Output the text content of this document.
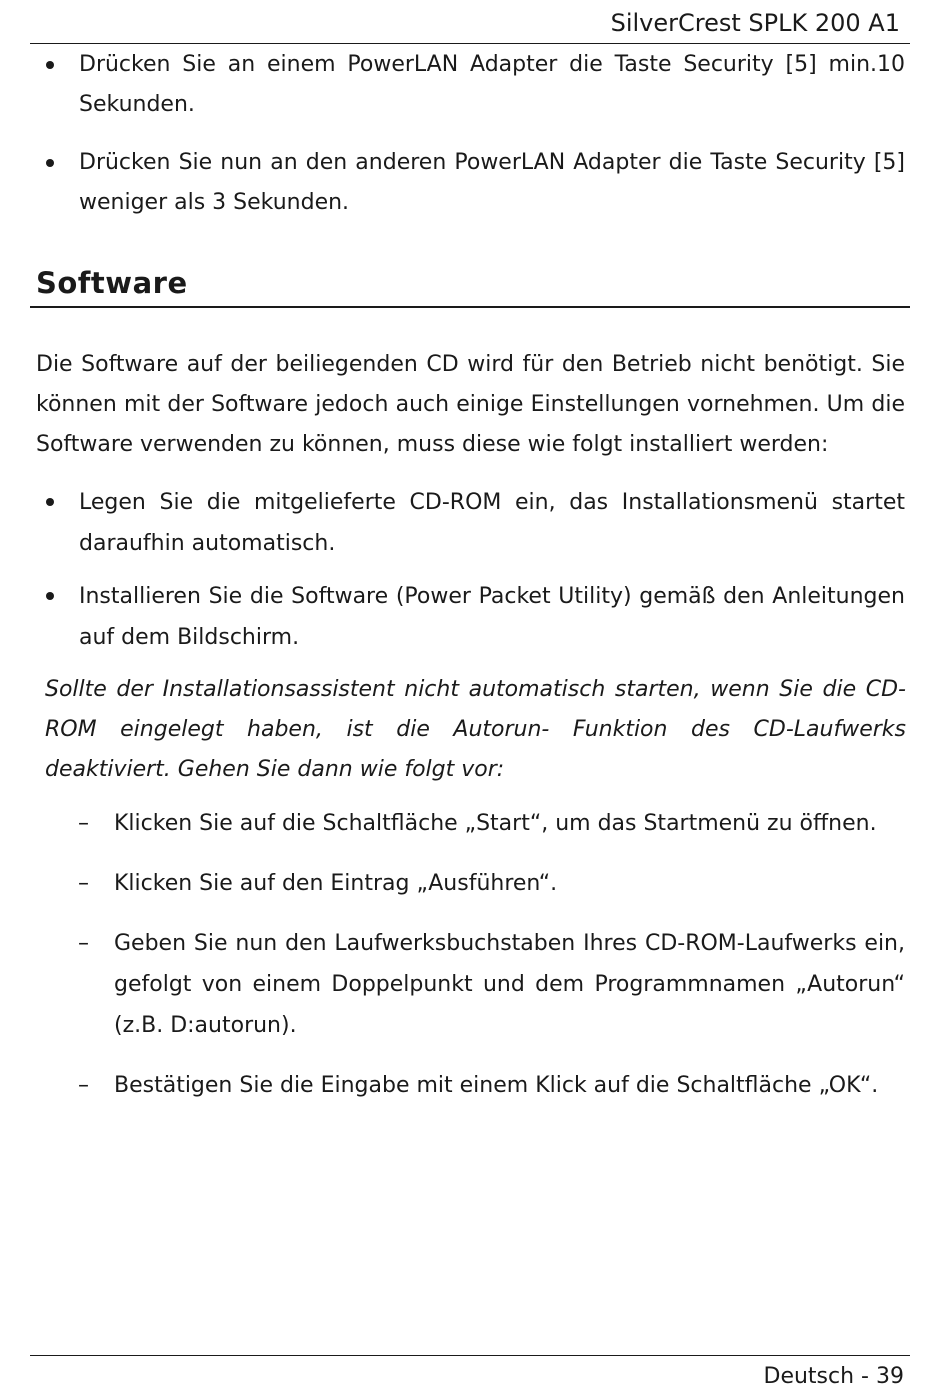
SilverCrest SPLK 200 A1
Drücken Sie an einem PowerLAN Adapter die Taste Security [5] min.10 Sekunden.
Drücken Sie nun an den anderen PowerLAN Adapter die Taste Security [5] weniger als 3 Sekunden.
Software

Die Software auf der beiliegenden CD wird für den Betrieb nicht benötigt. Sie können mit der Software jedoch auch einige Einstellungen vornehmen. Um die Software verwenden zu können, muss diese wie folgt installiert werden:

Legen Sie die mitgelieferte CD-ROM ein, das Installationsmenü startet daraufhin automatisch.
Installieren Sie die Software (Power Packet Utility) gemäß den Anleitungen auf dem Bildschirm.

Sollte der Installationsassistent nicht automatisch starten, wenn Sie die CD-ROM eingelegt haben, ist die Autorun- Funktion des CD-Laufwerks deaktiviert. Gehen Sie dann wie folgt vor:

– Klicken Sie auf die Schaltfläche „Start“, um das Startmenü zu öffnen.
– Klicken Sie auf den Eintrag „Ausführen“.
– Geben Sie nun den Laufwerksbuchstaben Ihres CD-ROM-Laufwerks ein, gefolgt von einem Doppelpunkt und dem Programmnamen „Autorun“ (z.B. D:autorun).
– Bestätigen Sie die Eingabe mit einem Klick auf die Schaltfläche „OK“.
Deutsch - 39
